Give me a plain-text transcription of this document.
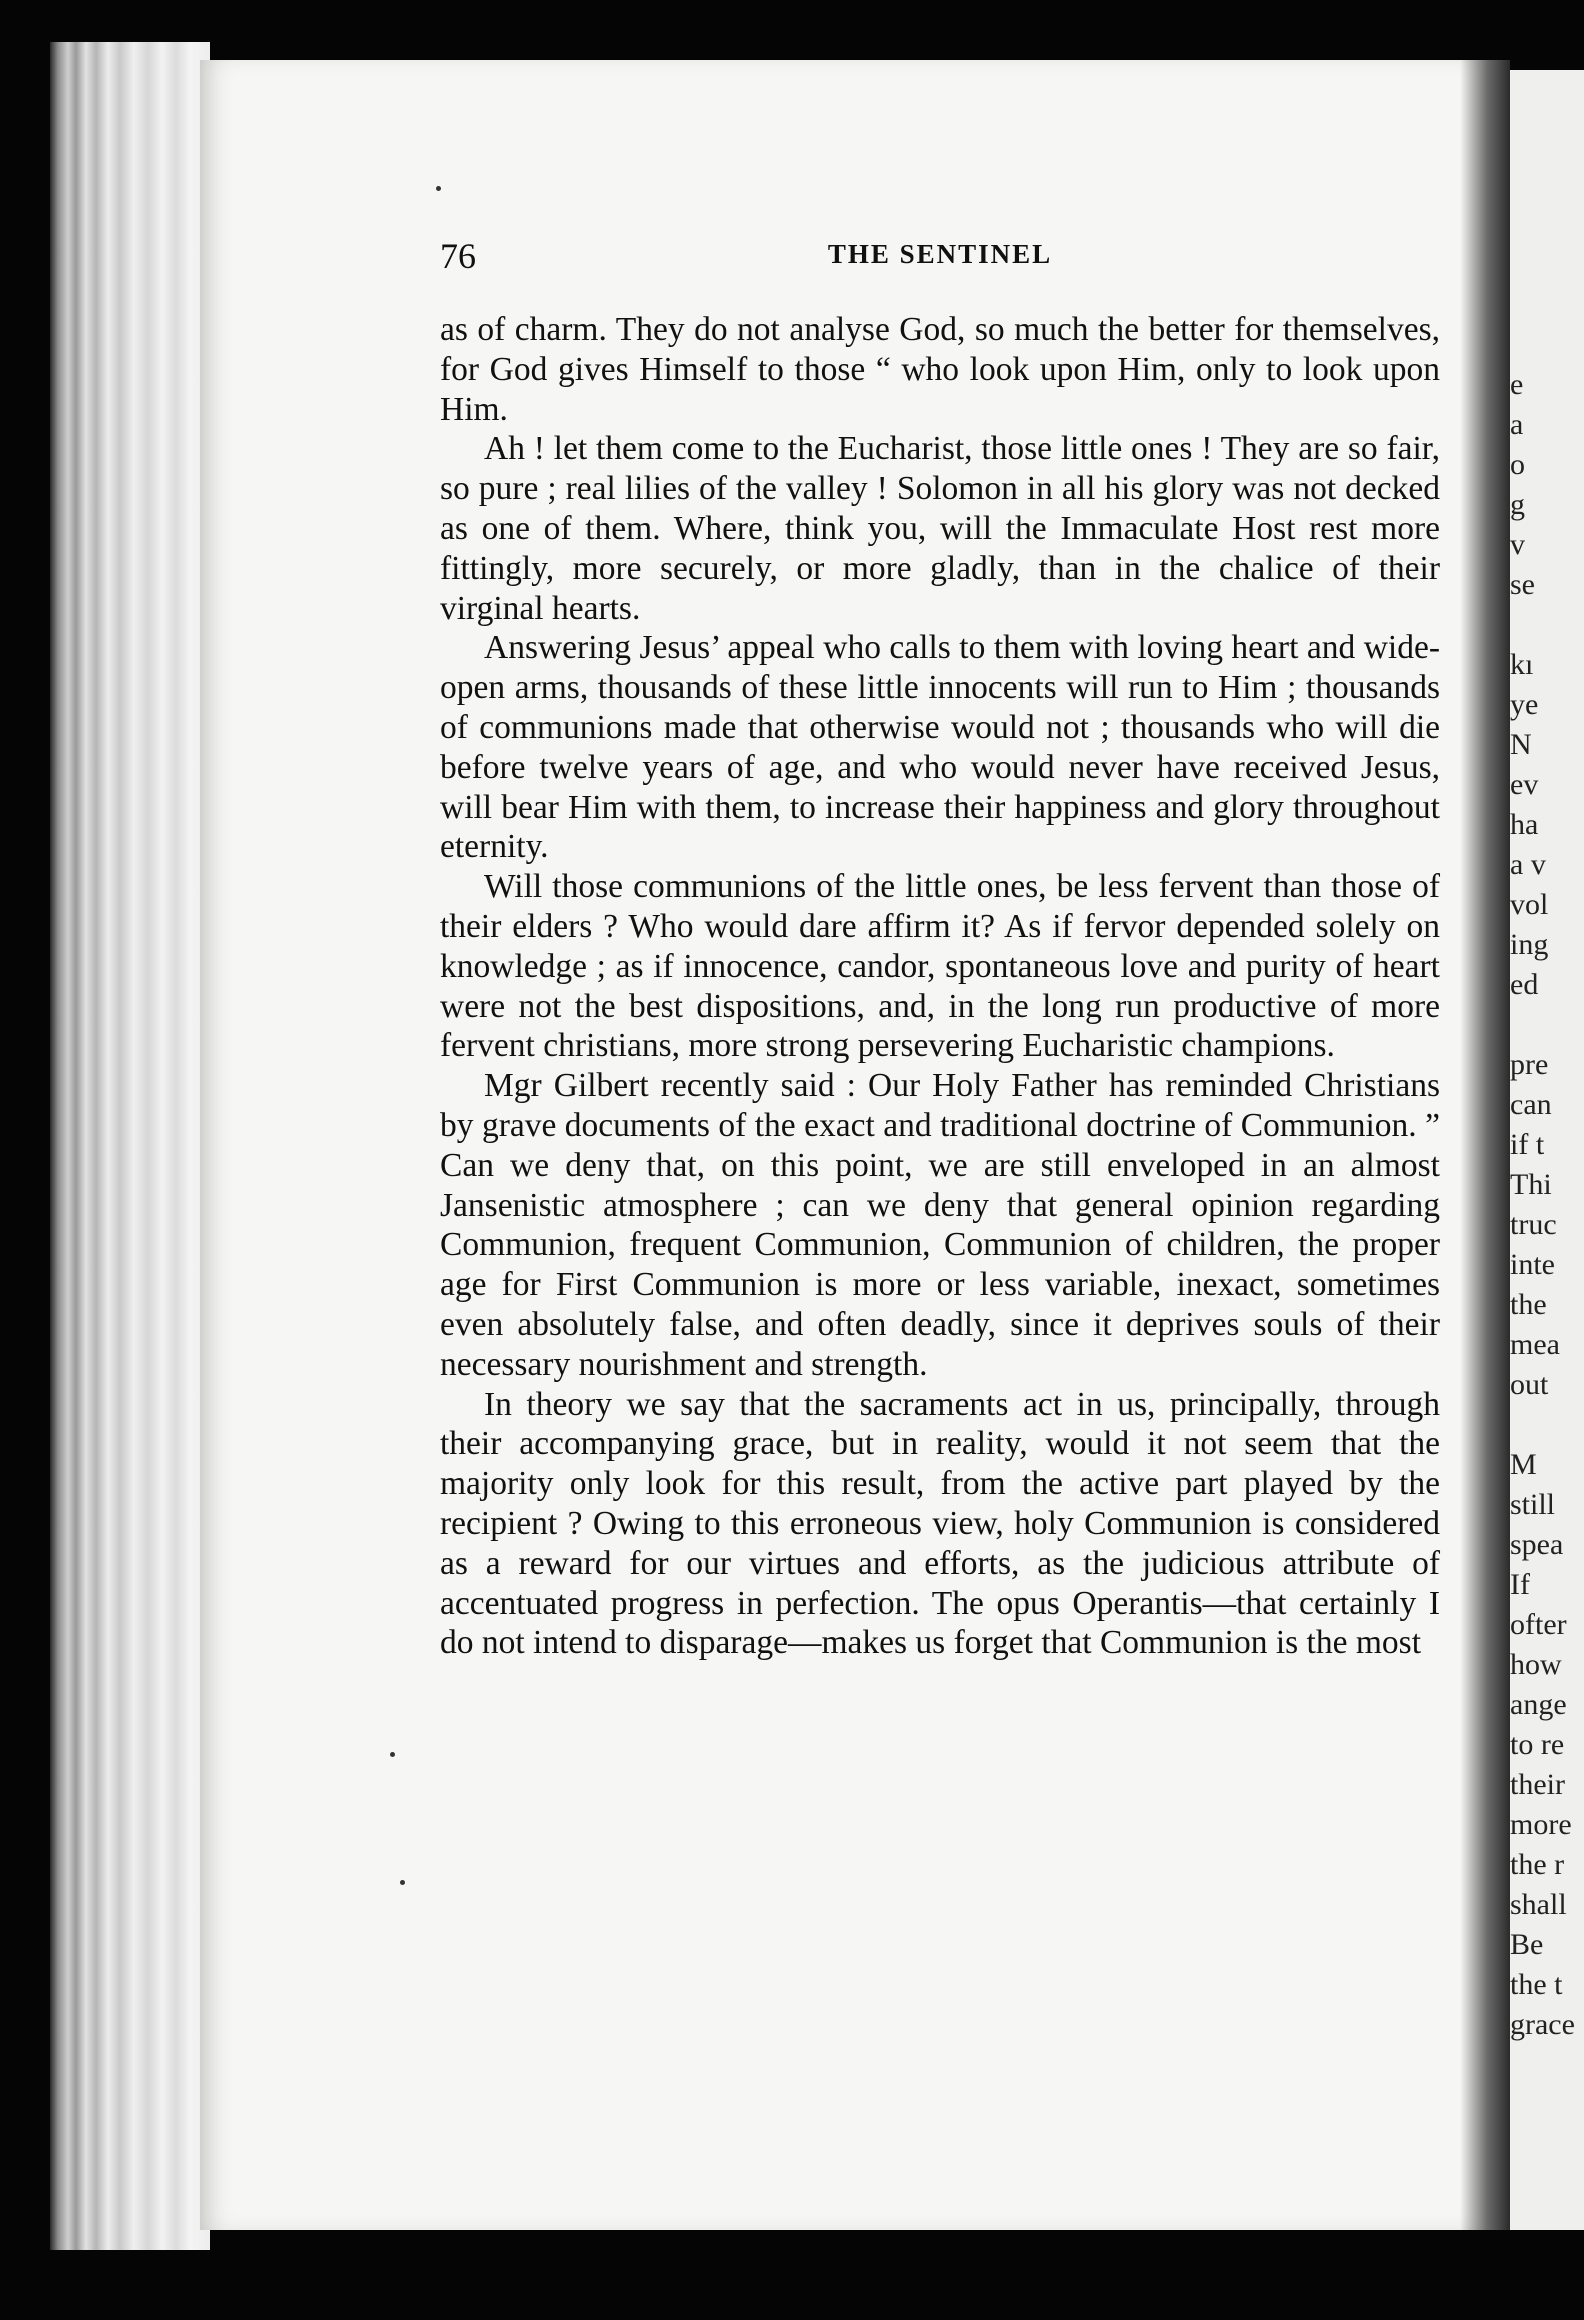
e
a
o
g
v
se
kı
ye
N
ev
ha
a v
vol
ing
ed
pre
can
if t
Thi
truc
inte
the
mea
out
M
still
spea
If
ofter
how
ange
to re
their
more
the r
shall
Be
the t
grace
76	THE SENTINEL

as of charm. They do not analyse God, so much the better for themselves, for God gives Himself to those “ who look upon Him, only to look upon Him.

Ah ! let them come to the Eucharist, those little ones ! They are so fair, so pure ; real lilies of the valley ! Solomon in all his glory was not decked as one of them. Where, think you, will the Immaculate Host rest more fittingly, more securely, or more gladly, than in the chalice of their virginal hearts.

Answering Jesus’ appeal who calls to them with loving heart and wide-open arms, thousands of these little innocents will run to Him ; thousands of communions made that otherwise would not ; thousands who will die before twelve years of age, and who would never have received Jesus, will bear Him with them, to increase their happiness and glory throughout eternity.

Will those communions of the little ones, be less fervent than those of their elders ? Who would dare affirm it? As if fervor depended solely on knowledge ; as if innocence, candor, spontaneous love and purity of heart were not the best dispositions, and, in the long run productive of more fervent christians, more strong persevering Eucharistic champions.

Mgr Gilbert recently said : Our Holy Father has reminded Christians by grave documents of the exact and traditional doctrine of Communion. ” Can we deny that, on this point, we are still enveloped in an almost Jansenistic atmosphere ; can we deny that general opinion regarding Communion, frequent Communion, Communion of children, the proper age for First Communion is more or less variable, inexact, sometimes even absolutely false, and often deadly, since it deprives souls of their necessary nourishment and strength.

In theory we say that the sacraments act in us, principally, through their accompanying grace, but in reality, would it not seem that the majority only look for this result, from the active part played by the recipient ? Owing to this erroneous view, holy Communion is considered as a reward for our virtues and efforts, as the judicious attribute of accentuated progress in perfection. The opus Operantis—that certainly I do not intend to disparage—makes us forget that Communion is the most
